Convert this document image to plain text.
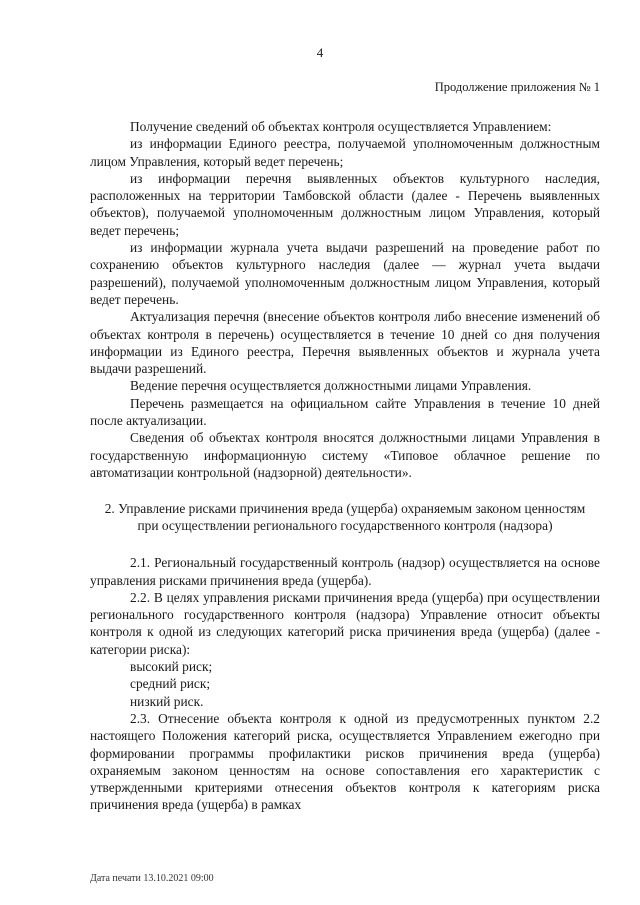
4
Продолжение приложения № 1

Получение сведений об объектах контроля осуществляется Управлением:

из информации Единого реестра, получаемой уполномоченным должностным лицом Управления, который ведет перечень;

из информации перечня выявленных объектов культурного наследия, расположенных на территории Тамбовской области (далее - Перечень выявленных объектов), получаемой уполномоченным должностным лицом Управления, который ведет перечень;

из информации журнала учета выдачи разрешений на проведение работ по сохранению объектов культурного наследия (далее — журнал учета выдачи разрешений), получаемой уполномоченным должностным лицом Управления, который ведет перечень.

Актуализация перечня (внесение объектов контроля либо внесение изменений об объектах контроля в перечень) осуществляется в течение 10 дней со дня получения информации из Единого реестра, Перечня выявленных объектов и журнала учета выдачи разрешений.

Ведение перечня осуществляется должностными лицами Управления.

Перечень размещается на официальном сайте Управления в течение 10 дней после актуализации.

Сведения об объектах контроля вносятся должностными лицами Управления в государственную информационную систему «Типовое облачное решение по автоматизации контрольной (надзорной) деятельности».

2. Управление рисками причинения вреда (ущерба) охраняемым законом ценностям при осуществлении регионального государственного контроля (надзора)

2.1. Региональный государственный контроль (надзор) осуществляется на основе управления рисками причинения вреда (ущерба).

2.2. В целях управления рисками причинения вреда (ущерба) при осуществлении регионального государственного контроля (надзора) Управление относит объекты контроля к одной из следующих категорий риска причинения вреда (ущерба) (далее - категории риска):

высокий риск;

средний риск;

низкий риск.

2.3. Отнесение объекта контроля к одной из предусмотренных пунктом 2.2 настоящего Положения категорий риска, осуществляется Управлением ежегодно при формировании программы профилактики рисков причинения вреда (ущерба) охраняемым законом ценностям на основе сопоставления его характеристик с утвержденными критериями отнесения объектов контроля к категориям риска причинения вреда (ущерба) в рамках

Дата печати 13.10.2021 09:00
